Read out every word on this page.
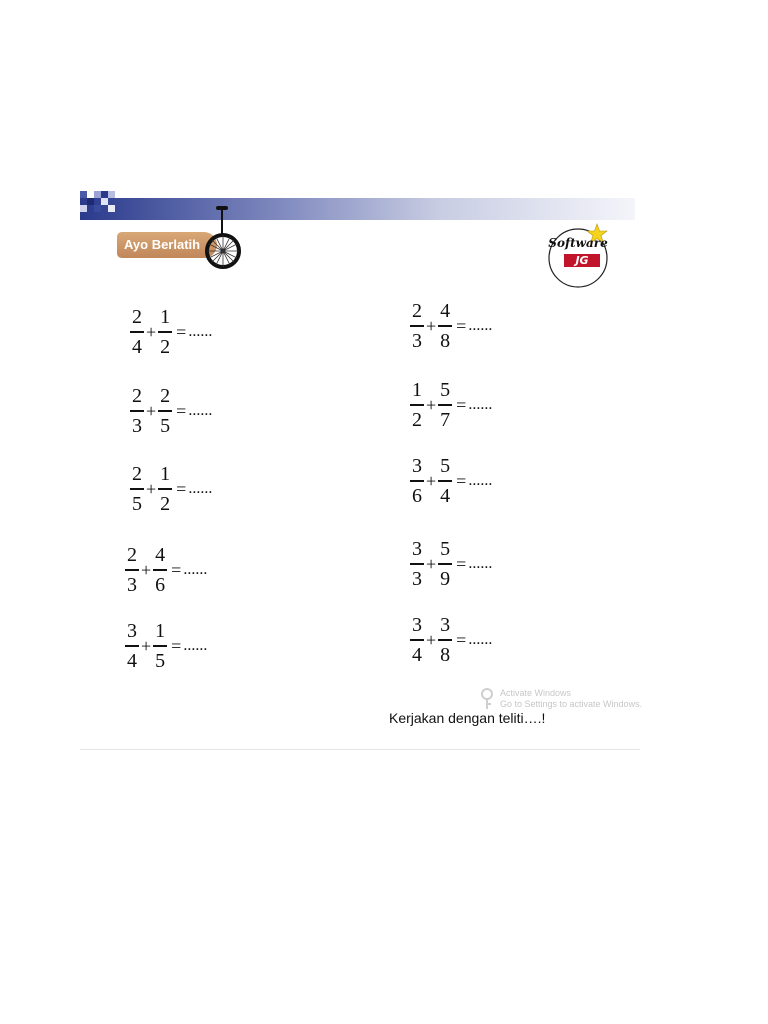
Ayo Berlatih	Software
JG
$\frac{2}{4} + \frac{1}{2}$ = ......
$\frac{2}{3} + \frac{2}{5}$ = ......
$\frac{2}{5} + \frac{1}{2}$ = ......
$\frac{2}{3} + \frac{4}{6}$ = ......
$\frac{3}{4} + \frac{1}{5}$ = ......
$\frac{2}{3} + \frac{4}{8}$ = ......
$\frac{1}{2} + \frac{5}{7}$ = ......
$\frac{3}{6} + \frac{5}{4}$ = ......
$\frac{3}{3} + \frac{5}{9}$ = ......
$\frac{3}{4} + \frac{3}{8}$ = ......
Activate Windows
Go to Settings to activate Windows.
Kerjakan dengan teliti….!
